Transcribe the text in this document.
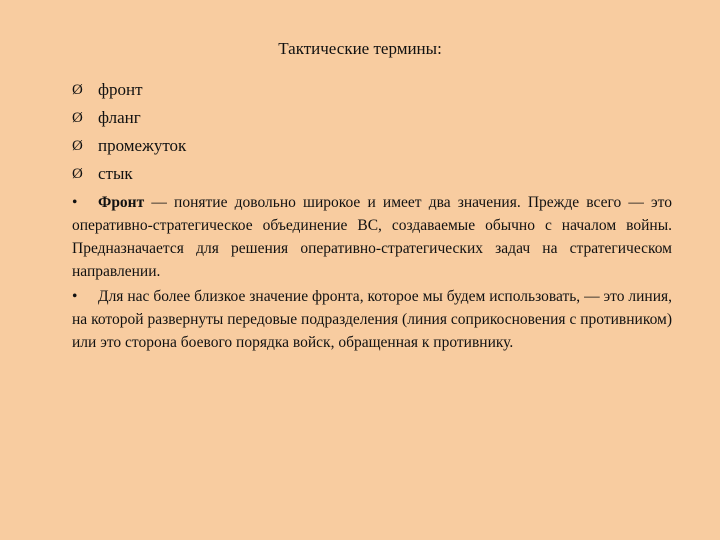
Тактические термины:
Ø фронт
Ø фланг
Ø промежуток
Ø стык

• Фронт — понятие довольно широкое и имеет два значения. Прежде всего — это оперативно-стратегическое объединение ВС, создаваемые обычно с началом войны. Предназначается для решения оперативно-стратегических задач на стратегическом направлении.

• Для нас более близкое значение фронта, которое мы будем использовать, — это линия, на которой развернуты передовые подразделения (линия соприкосновения с противником) или это сторона боевого порядка войск, обращенная к противнику.
